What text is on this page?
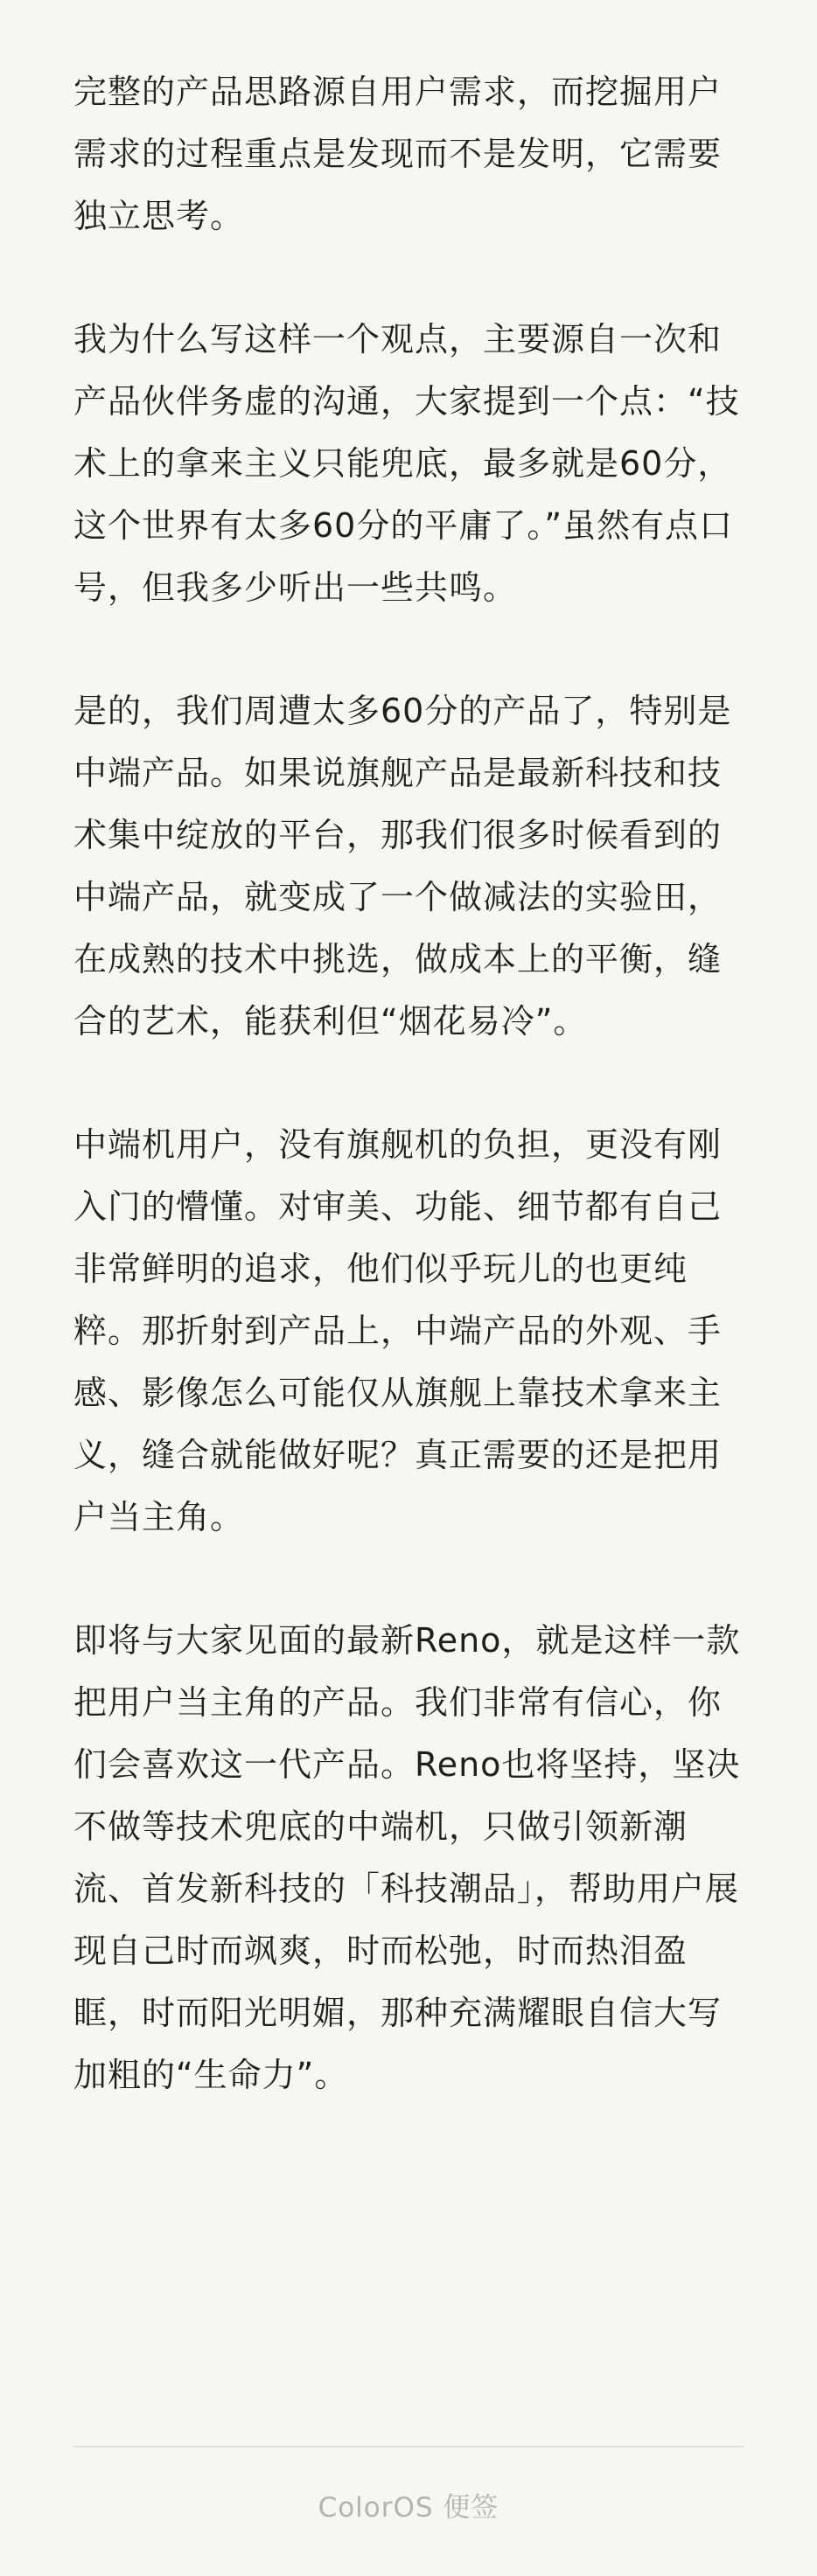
完整的产品思路源自用户需求，而挖掘用户需求的过程重点是发现而不是发明，它需要独立思考。

我为什么写这样一个观点，主要源自一次和产品伙伴务虚的沟通，大家提到一个点：“技术上的拿来主义只能兜底，最多就是60分，这个世界有太多60分的平庸了。”虽然有点口号，但我多少听出一些共鸣。

是的，我们周遭太多60分的产品了，特别是中端产品。如果说旗舰产品是最新科技和技术集中绽放的平台，那我们很多时候看到的中端产品，就变成了一个做减法的实验田，在成熟的技术中挑选，做成本上的平衡，缝合的艺术，能获利但“烟花易冷”。

中端机用户，没有旗舰机的负担，更没有刚入门的懵懂。对审美、功能、细节都有自己非常鲜明的追求，他们似乎玩儿的也更纯粹。那折射到产品上，中端产品的外观、手感、影像怎么可能仅从旗舰上靠技术拿来主义，缝合就能做好呢？真正需要的还是把用户当主角。

即将与大家见面的最新Reno，就是这样一款把用户当主角的产品。我们非常有信心，你们会喜欢这一代产品。Reno也将坚持，坚决不做等技术兜底的中端机，只做引领新潮流、首发新科技的「科技潮品」，帮助用户展现自己时而飒爽，时而松弛，时而热泪盈眶，时而阳光明媚，那种充满耀眼自信大写加粗的“生命力”。

ColorOS 便签
